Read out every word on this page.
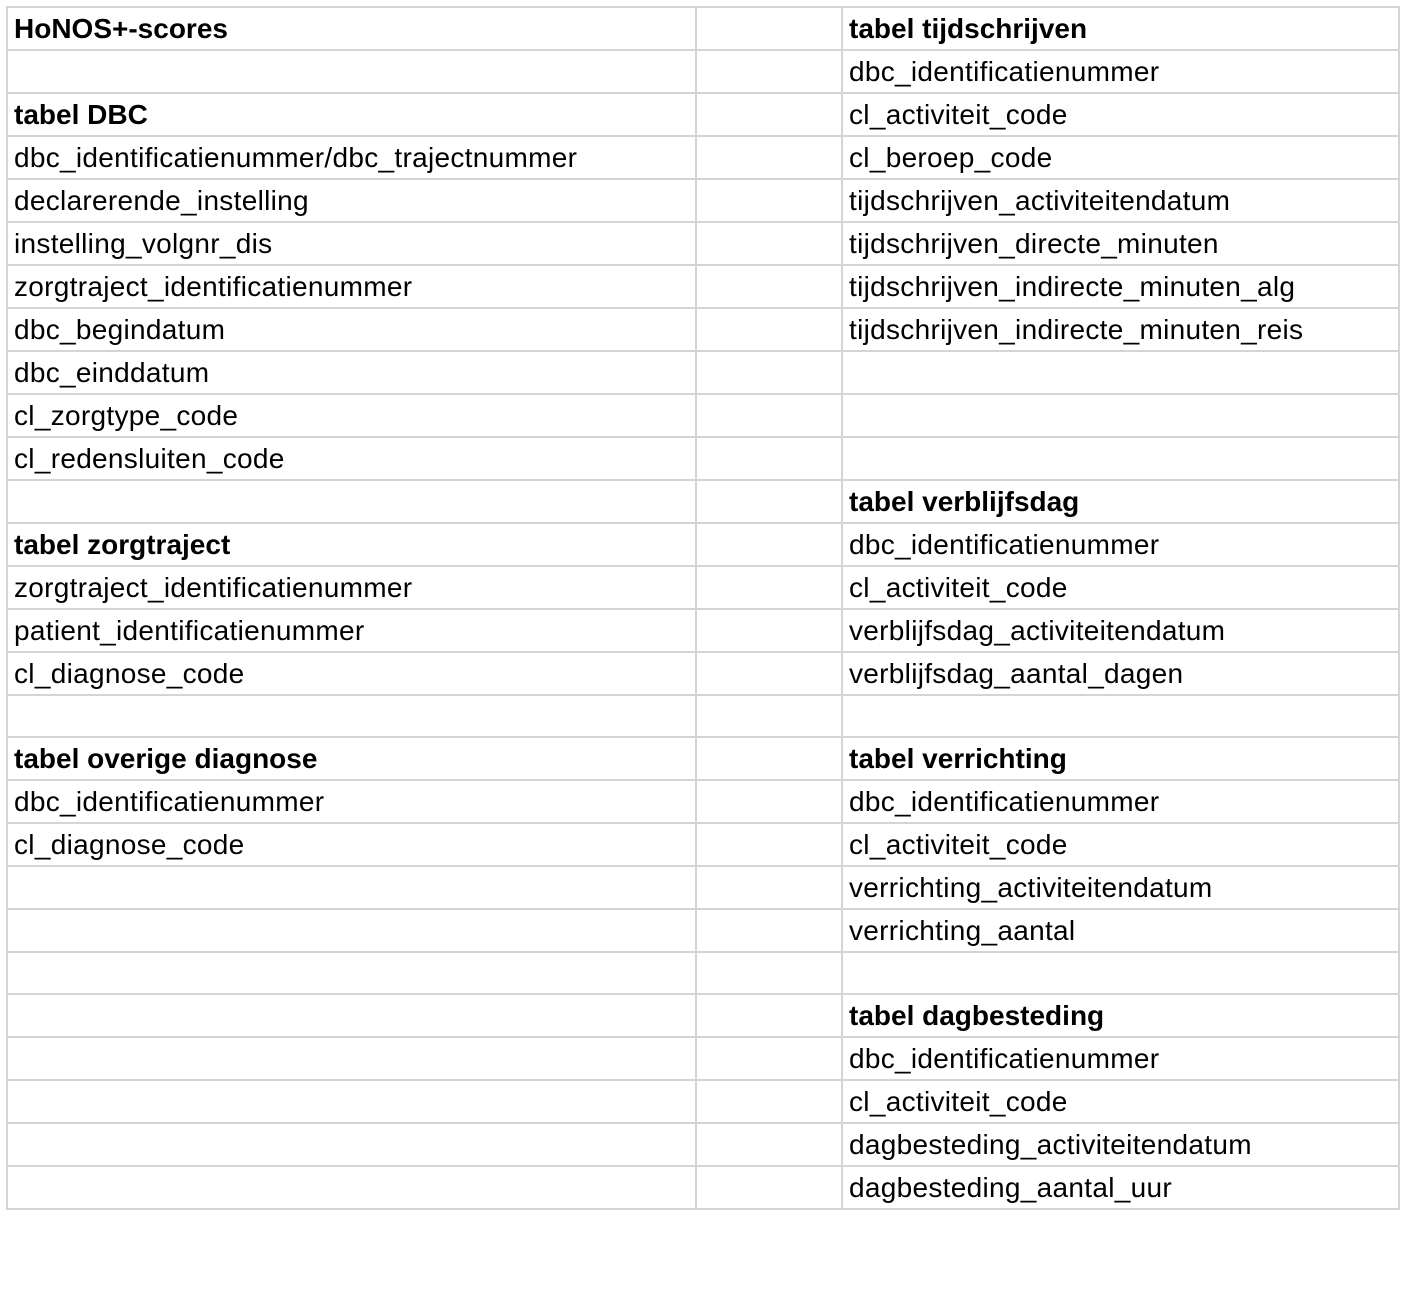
HoNOS+-scores		tabel tijdschrijven
		dbc_identificatienummer
tabel DBC		cl_activiteit_code
dbc_identificatienummer/dbc_trajectnummer		cl_beroep_code
declarerende_instelling		tijdschrijven_activiteitendatum
instelling_volgnr_dis		tijdschrijven_directe_minuten
zorgtraject_identificatienummer		tijdschrijven_indirecte_minuten_alg
dbc_begindatum		tijdschrijven_indirecte_minuten_reis
dbc_einddatum		
cl_zorgtype_code		
cl_redensluiten_code		
		tabel verblijfsdag
tabel zorgtraject		dbc_identificatienummer
zorgtraject_identificatienummer		cl_activiteit_code
patient_identificatienummer		verblijfsdag_activiteitendatum
cl_diagnose_code		verblijfsdag_aantal_dagen

tabel overige diagnose		tabel verrichting
dbc_identificatienummer		dbc_identificatienummer
cl_diagnose_code		cl_activiteit_code
		verrichting_activiteitendatum
		verrichting_aantal

		tabel dagbesteding
		dbc_identificatienummer
		cl_activiteit_code
		dagbesteding_activiteitendatum
		dagbesteding_aantal_uur
